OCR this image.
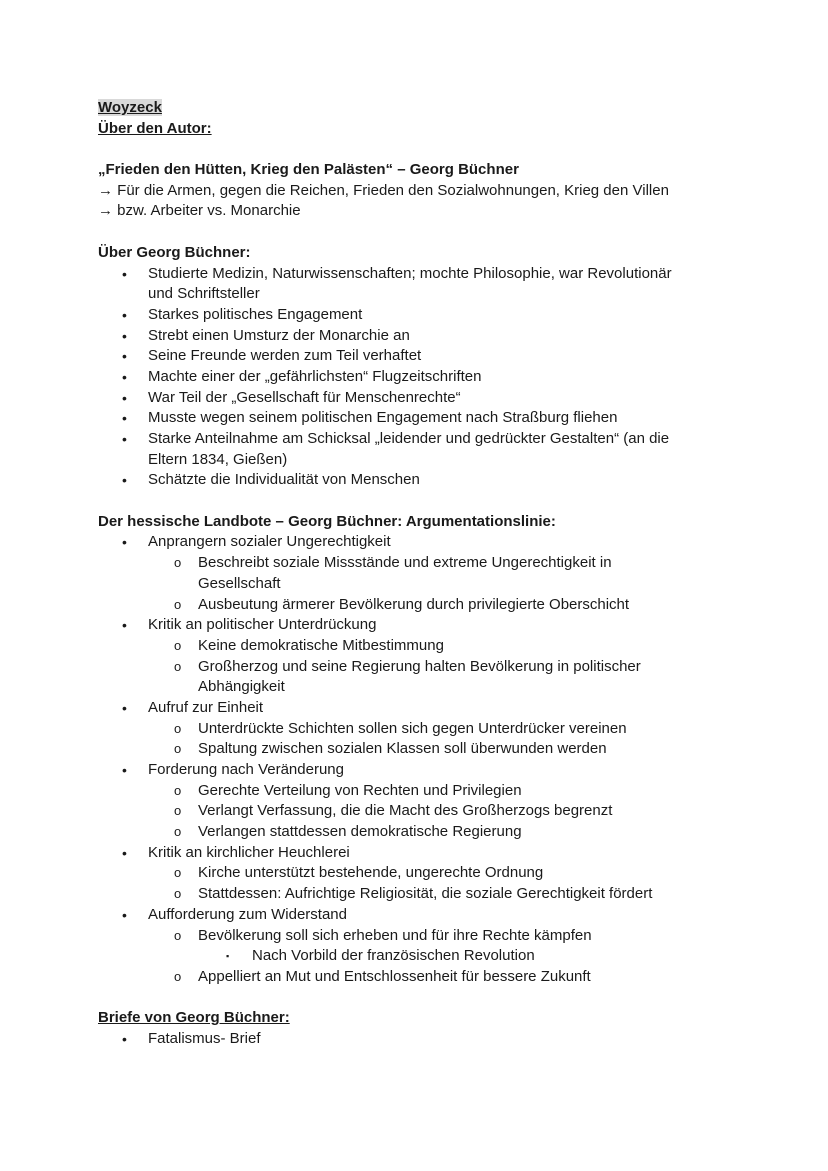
Woyzeck
Über den Autor:
„Frieden den Hütten, Krieg den Palästen“ – Georg Büchner
→ Für die Armen, gegen die Reichen, Frieden den Sozialwohnungen, Krieg den Villen
→ bzw. Arbeiter vs. Monarchie
Über Georg Büchner:
• Studierte Medizin, Naturwissenschaften; mochte Philosophie, war Revolutionär
und Schriftsteller
• Starkes politisches Engagement
• Strebt einen Umsturz der Monarchie an
• Seine Freunde werden zum Teil verhaftet
• Machte einer der „gefährlichsten“ Flugzeitschriften
• War Teil der „Gesellschaft für Menschenrechte“
• Musste wegen seinem politischen Engagement nach Straßburg fliehen
• Starke Anteilnahme am Schicksal „leidender und gedrückter Gestalten“ (an die
Eltern 1834, Gießen)
• Schätzte die Individualität von Menschen
Der hessische Landbote – Georg Büchner: Argumentationslinie:
• Anprangern sozialer Ungerechtigkeit
o Beschreibt soziale Missstände und extreme Ungerechtigkeit in
Gesellschaft
o Ausbeutung ärmerer Bevölkerung durch privilegierte Oberschicht
• Kritik an politischer Unterdrückung
o Keine demokratische Mitbestimmung
o Großherzog und seine Regierung halten Bevölkerung in politischer
Abhängigkeit
• Aufruf zur Einheit
o Unterdrückte Schichten sollen sich gegen Unterdrücker vereinen
o Spaltung zwischen sozialen Klassen soll überwunden werden
• Forderung nach Veränderung
o Gerechte Verteilung von Rechten und Privilegien
o Verlangt Verfassung, die die Macht des Großherzogs begrenzt
o Verlangen stattdessen demokratische Regierung
• Kritik an kirchlicher Heuchlerei
o Kirche unterstützt bestehende, ungerechte Ordnung
o Stattdessen: Aufrichtige Religiosität, die soziale Gerechtigkeit fördert
• Aufforderung zum Widerstand
o Bevölkerung soll sich erheben und für ihre Rechte kämpfen
▪ Nach Vorbild der französischen Revolution
o Appelliert an Mut und Entschlossenheit für bessere Zukunft
Briefe von Georg Büchner:
• Fatalismus- Brief
